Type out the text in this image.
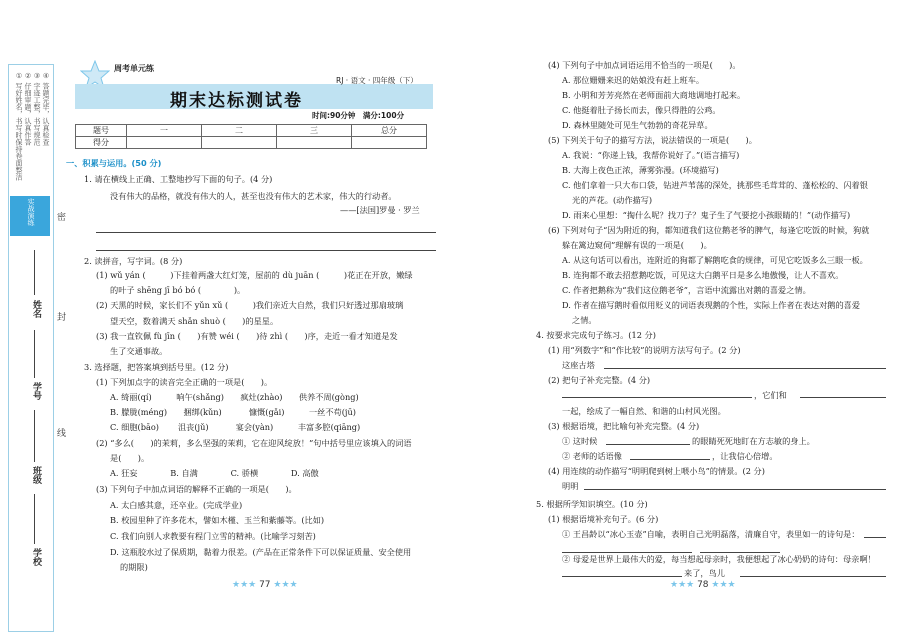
① 写好姓名，书写时保持卷面整洁 ② 仔细审题，认真作答 ③ 字迹工整，书写规范 ④ 答题完毕，认真检查
实战演练 密
封
线
姓名
学号
班级
学校
周考单元练
期末达标测试卷
RJ · 语文 · 四年级（下）
时间:90分钟　满分:100分
题号	一	二	三	总分
得分				
一、积累与运用。(50 分)
1. 请在横线上正确、工整地抄写下面的句子。(4 分)
没有伟大的品格，就没有伟大的人，甚至也没有伟大的艺术家，伟大的行动者。
——[法国]罗曼 · 罗兰
2. 读拼音，写字词。(8 分)
(1) wǔ yán (　　　)下挂着两盏大红灯笼，屋前的 dù juān (　　　)花正在开放，嫩绿
的叶子 shēng jī bó bó (　　　　)。
(2) 天黑的时候，家长们不 yǔn xǔ (　　　)我们亲近大自然，我们只好透过那扇玻璃
望天空，数着满天 shǎn shuò (　　)的星星。
(3) 我一直钦佩 fù jīn (　　)有赞 wéi (　　)待 zhì (　　)序，走近一看才知道是发
生了交通事故。
3. 选择题，把答案填到括号里。(12 分)
(1) 下列加点字的读音完全正确的一项是(　　)。
A. 绮丽(qí)　　　响午(shǎng)　　疯灶(zhào)　　供养不周(gòng)
B. 朦胧(méng)　　捆绑(kǔn)　　　 慷慨(gǎi)　　　一丝不苟(jū)
C. 细胞(bāo)　　 沮丧(jǔ)　　　 宴会(yàn)　　　丰富多腔(qiāng)
(2) “多么(　　)的茉莉，多么坚强的茉莉，它在迎风绽放！”句中括号里应该填入的词语
是(　　)。
A. 狂妄　　　　B. 自满　　　　C. 骄横　　　　D. 高傲
(3) 下列句子中加点词语的解释不正确的一项是(　　)。
A. 太白感其意，还卒业。(完成学业)
B. 校园里种了许多花木，譬如木槿、玉兰和紫藤等。(比如)
C. 我们向别人求教要有程门立雪的精神。(比喻学习刻苦)
D. 这瓶胶水过了保质期，黏着力很差。(产品在正常条件下可以保证质量、安全使用
的期限)
★★★ 77 ★★★
(4) 下列句子中加点词语运用不恰当的一项是(　　)。
A. 那位姗姗来迟的姑娘没有赶上班车。
B. 小明和芳芳亮然在老师面前大商地调地打起来。
C. 他挺着肚子扬长而去，像只得胜的公鸡。
D. 森林里随处可见生气勃勃的奇花异草。
(5) 下列关于句子的描写方法，说法错误的一项是(　　)。
A. 我说：“你递上钱，我帮你说好了。”(语言描写)
B. 大海上夜色正浓，薄雾弥漫。(环境描写)
C. 他们拿着一只大布口袋，钻进芦苇荡的深处，挑那些毛茸茸的、蓬松松的、闪着银
光的芦花。(动作描写)
D. 雨来心里想：“掏什么呢？找刀子？鬼子生了气要挖小孩眼睛的！”(动作描写)
(6) 下列对句子“因为附近的狗，都知道我们这位鹅老爷的脾气，每逢它吃饭的时候，狗就
躲在篱边窥伺”理解有误的一项是(　　)。
A. 从这句话可以看出，连附近的狗都了解鹅吃食的规律，可见它吃饭多么三眼一板。
B. 连狗都不敢去招惹鹅吃饭，可见这大白鹅平日是多么地傲慢，让人不喜欢。
C. 作者把鹅称为“我们这位鹅老爷”，言语中流露出对鹅的喜爱之情。
D. 作者在描写鹅时看似用贬义的词语表现鹅的个性，实际上作者在表达对鹅的喜爱
之情。
4. 按要求完成句子练习。(12 分)
(1) 用“列数字”和“作比较”的说明方法写句子。(2 分)
这座古塔
(2) 把句子补充完整。(4 分)
，它们和
一起，绘成了一幅自然、和谐的山村风光图。
(3) 根据语境，把比喻句补充完整。(4 分)
① 这时候	的眼睛死死地盯在方志敏的身上。
② 老师的话语像	，让我信心倍增。
(4) 用连续的动作描写“明明爬到树上喂小鸟”的情景。(2 分)
明明
5. 根据所学知识填空。(10 分)
(1) 根据语境补充句子。(6 分)
① 王昌龄以“冰心玉壶”自喻，表明自己光明磊落，清廉自守，表里如一的诗句是：
② 母爱是世界上最伟大的爱，每当想起母亲时，我便想起了冰心奶奶的诗句：母亲啊！
来了，鸟儿
★★★ 78 ★★★
